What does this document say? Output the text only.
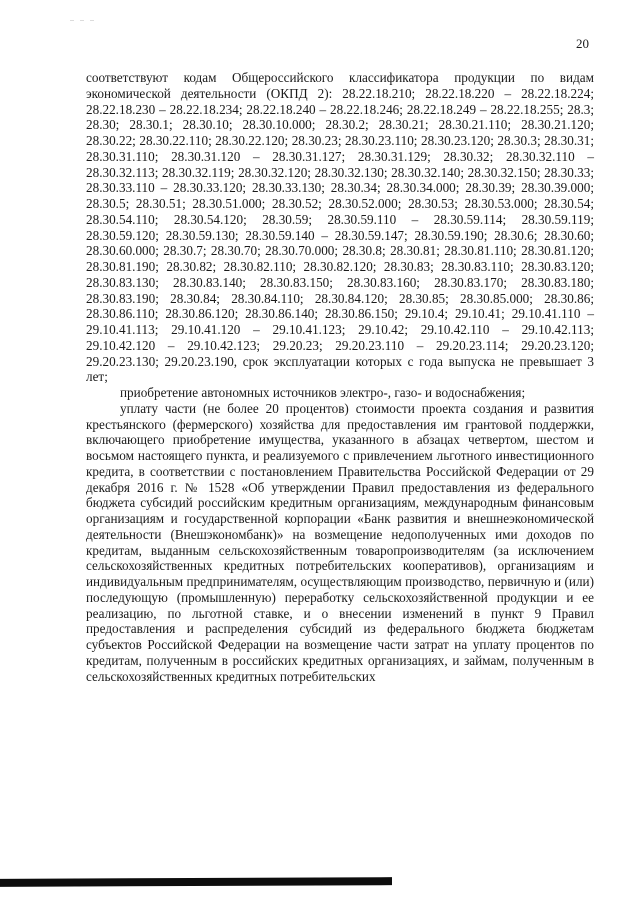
20

соответствуют кодам Общероссийского классификатора продукции по видам экономической деятельности (ОКПД 2): 28.22.18.210; 28.22.18.220 – 28.22.18.224; 28.22.18.230 – 28.22.18.234; 28.22.18.240 – 28.22.18.246; 28.22.18.249 – 28.22.18.255; 28.3; 28.30; 28.30.1; 28.30.10; 28.30.10.000; 28.30.2; 28.30.21; 28.30.21.110; 28.30.21.120; 28.30.22; 28.30.22.110; 28.30.22.120; 28.30.23; 28.30.23.110; 28.30.23.120; 28.30.3; 28.30.31; 28.30.31.110; 28.30.31.120 – 28.30.31.127; 28.30.31.129; 28.30.32; 28.30.32.110 – 28.30.32.113; 28.30.32.119; 28.30.32.120; 28.30.32.130; 28.30.32.140; 28.30.32.150; 28.30.33; 28.30.33.110 – 28.30.33.120; 28.30.33.130; 28.30.34; 28.30.34.000; 28.30.39; 28.30.39.000; 28.30.5; 28.30.51; 28.30.51.000; 28.30.52; 28.30.52.000; 28.30.53; 28.30.53.000; 28.30.54; 28.30.54.110; 28.30.54.120; 28.30.59; 28.30.59.110 – 28.30.59.114; 28.30.59.119; 28.30.59.120; 28.30.59.130; 28.30.59.140 – 28.30.59.147; 28.30.59.190; 28.30.6; 28.30.60; 28.30.60.000; 28.30.7; 28.30.70; 28.30.70.000; 28.30.8; 28.30.81; 28.30.81.110; 28.30.81.120; 28.30.81.190; 28.30.82; 28.30.82.110; 28.30.82.120; 28.30.83; 28.30.83.110; 28.30.83.120; 28.30.83.130; 28.30.83.140; 28.30.83.150; 28.30.83.160; 28.30.83.170; 28.30.83.180; 28.30.83.190; 28.30.84; 28.30.84.110; 28.30.84.120; 28.30.85; 28.30.85.000; 28.30.86; 28.30.86.110; 28.30.86.120; 28.30.86.140; 28.30.86.150; 29.10.4; 29.10.41; 29.10.41.110 – 29.10.41.113; 29.10.41.120 – 29.10.41.123; 29.10.42; 29.10.42.110 – 29.10.42.113; 29.10.42.120 – 29.10.42.123; 29.20.23; 29.20.23.110 – 29.20.23.114; 29.20.23.120; 29.20.23.130; 29.20.23.190, срок эксплуатации которых с года выпуска не превышает 3 лет;

приобретение автономных источников электро-, газо- и водоснабжения;

уплату части (не более 20 процентов) стоимости проекта создания и развития крестьянского (фермерского) хозяйства для предоставления им грантовой поддержки, включающего приобретение имущества, указанного в абзацах четвертом, шестом и восьмом настоящего пункта, и реализуемого с привлечением льготного инвестиционного кредита, в соответствии с постановлением Правительства Российской Федерации от 29 декабря 2016 г. № 1528 «Об утверждении Правил предоставления из федерального бюджета субсидий российским кредитным организациям, международным финансовым организациям и государственной корпорации «Банк развития и внешнеэкономической деятельности (Внешэкономбанк)» на возмещение недополученных ими доходов по кредитам, выданным сельскохозяйственным товаропроизводителям (за исключением сельскохозяйственных кредитных потребительских кооперативов), организациям и индивидуальным предпринимателям, осуществляющим производство, первичную и (или) последующую (промышленную) переработку сельскохозяйственной продукции и ее реализацию, по льготной ставке, и о внесении изменений в пункт 9 Правил предоставления и распределения субсидий из федерального бюджета бюджетам субъектов Российской Федерации на возмещение части затрат на уплату процентов по кредитам, полученным в российских кредитных организациях, и займам, полученным в сельскохозяйственных кредитных потребительских
